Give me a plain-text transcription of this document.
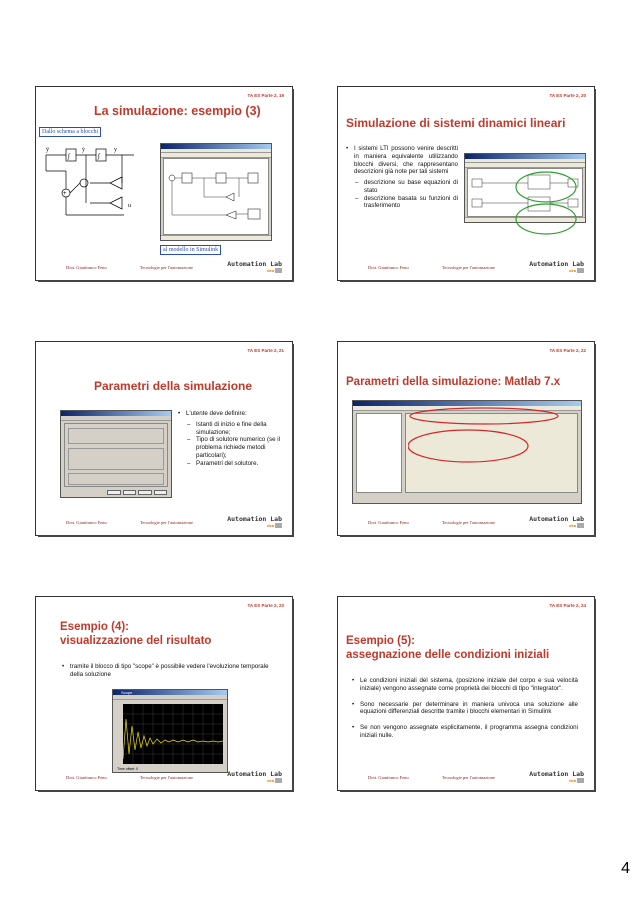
TA ES Parte 2, 19
La simulazione: esempio (3)
Dallo schema a blocchi
ÿ	ẏ	y
∫	∫
+
u
al modello in Simulink
Dott. Gianfranco Fenu	Tecnologie per l'automazione	Automation Lab
dea
TA ES Parte 2, 20
Simulazione di sistemi dinamici lineari
• I sistemi LTI possono venire descritti in maniera equivalente utilizzando blocchi diversi, che rappresentano descrizioni già note per tali sistemi
– descrizione su base equazioni di stato
– descrizione basata su funzioni di trasferimento
Dott. Gianfranco Fenu	Tecnologie per l'automazione	Automation Lab
dea
TA ES Parte 2, 21
Parametri della simulazione
• L'utente deve definire:
– Istanti di inizio e fine della simulazione;
– Tipo di solutore numerico (se il problema richiede metodi particolari);
– Parametri del solutore.
Dott. Gianfranco Fenu	Tecnologie per l'automazione	Automation Lab
dea
TA ES Parte 2, 22
Parametri della simulazione: Matlab 7.x
Dott. Gianfranco Fenu	Tecnologie per l'automazione	Automation Lab
dea
TA ES Parte 2, 23
Esempio (4):
visualizzazione del risultato
• tramite il blocco di tipo "scope" è possibile vedere l'evoluzione temporale della soluzione
Scope
Time offset: 0
Dott. Gianfranco Fenu	Tecnologie per l'automazione	Automation Lab
dea
TA ES Parte 2, 24
Esempio (5):
assegnazione delle condizioni iniziali
• Le condizioni iniziali del sistema, (posizione iniziale del corpo e sua velocità iniziale) vengono assegnate come proprietà dei blocchi di tipo "integrator".
• Sono necessarie per determinare in maniera univoca una soluzione alle equazioni differenziali descritte tramite i blocchi elementari in Simulink
• Se non vengono assegnate esplicitamente, il programma assegna condizioni iniziali nulle.
Dott. Gianfranco Fenu	Tecnologie per l'automazione	Automation Lab
dea
4
